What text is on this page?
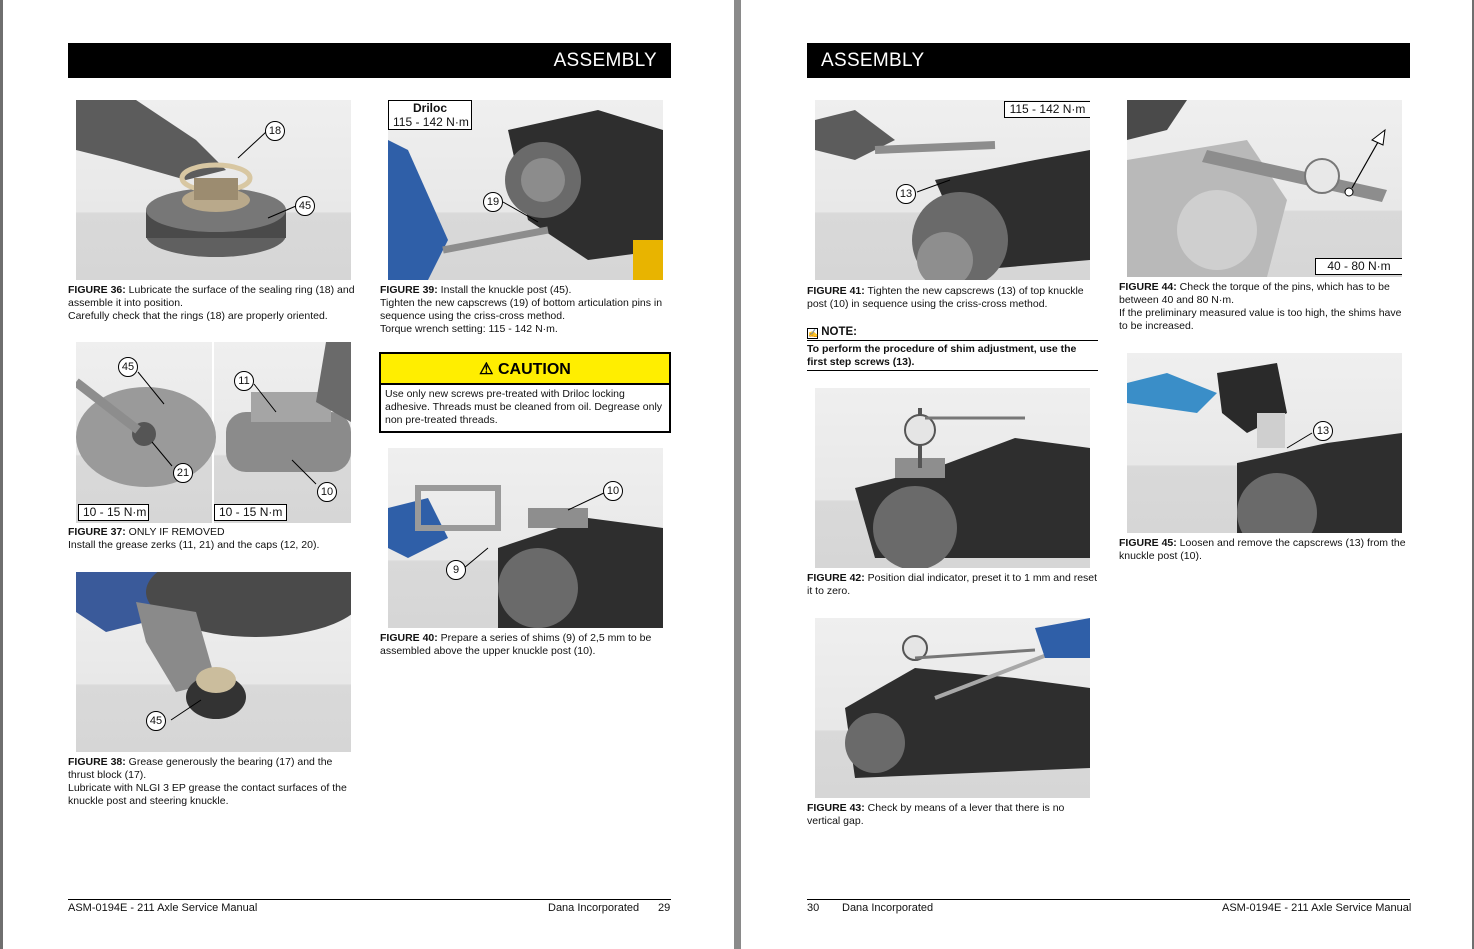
ASSEMBLY
18
45
FIGURE 36: Lubricate the surface of the sealing ring (18) and assemble it into position.
Carefully check that the rings (18) are properly oriented.
45
21
11
10
10 - 15 N·m	10 - 15 N·m
FIGURE 37: ONLY IF REMOVED
Install the grease zerks (11, 21) and the caps (12, 20).
45
FIGURE 38: Grease generously the bearing (17) and the thrust block (17).
Lubricate with NLGI 3 EP grease the contact surfaces of the knuckle post and steering knuckle.
19
Driloc
115 - 142 N·m
FIGURE 39: Install the knuckle post (45).
Tighten the new capscrews (19) of bottom articulation pins in sequence using the criss-cross method.
Torque wrench setting: 115 - 142 N·m.
⚠ CAUTION
Use only new screws pre-treated with Driloc locking adhesive. Threads must be cleaned from oil. Degrease only non pre-treated threads.
10
9
FIGURE 40: Prepare a series of shims (9) of 2,5 mm to be assembled above the upper knuckle post (10).
ASM-0194E - 211 Axle Service Manual	Dana Incorporated 29
ASSEMBLY
13
115 - 142 N·m
FIGURE 41: Tighten the new capscrews (13) of top knuckle post (10) in sequence using the criss-cross method.
✍ NOTE:
To perform the procedure of shim adjustment, use the first step screws (13).
FIGURE 42: Position dial indicator, preset it to 1 mm and reset it to zero.
FIGURE 43: Check by means of a lever that there is no vertical gap.
40 - 80 N·m
FIGURE 44: Check the torque of the pins, which has to be between 40 and 80 N·m.
If the preliminary measured value is too high, the shims have to be increased.
13
FIGURE 45: Loosen and remove the capscrews (13) from the knuckle post (10).
30 Dana Incorporated	ASM-0194E - 211 Axle Service Manual
